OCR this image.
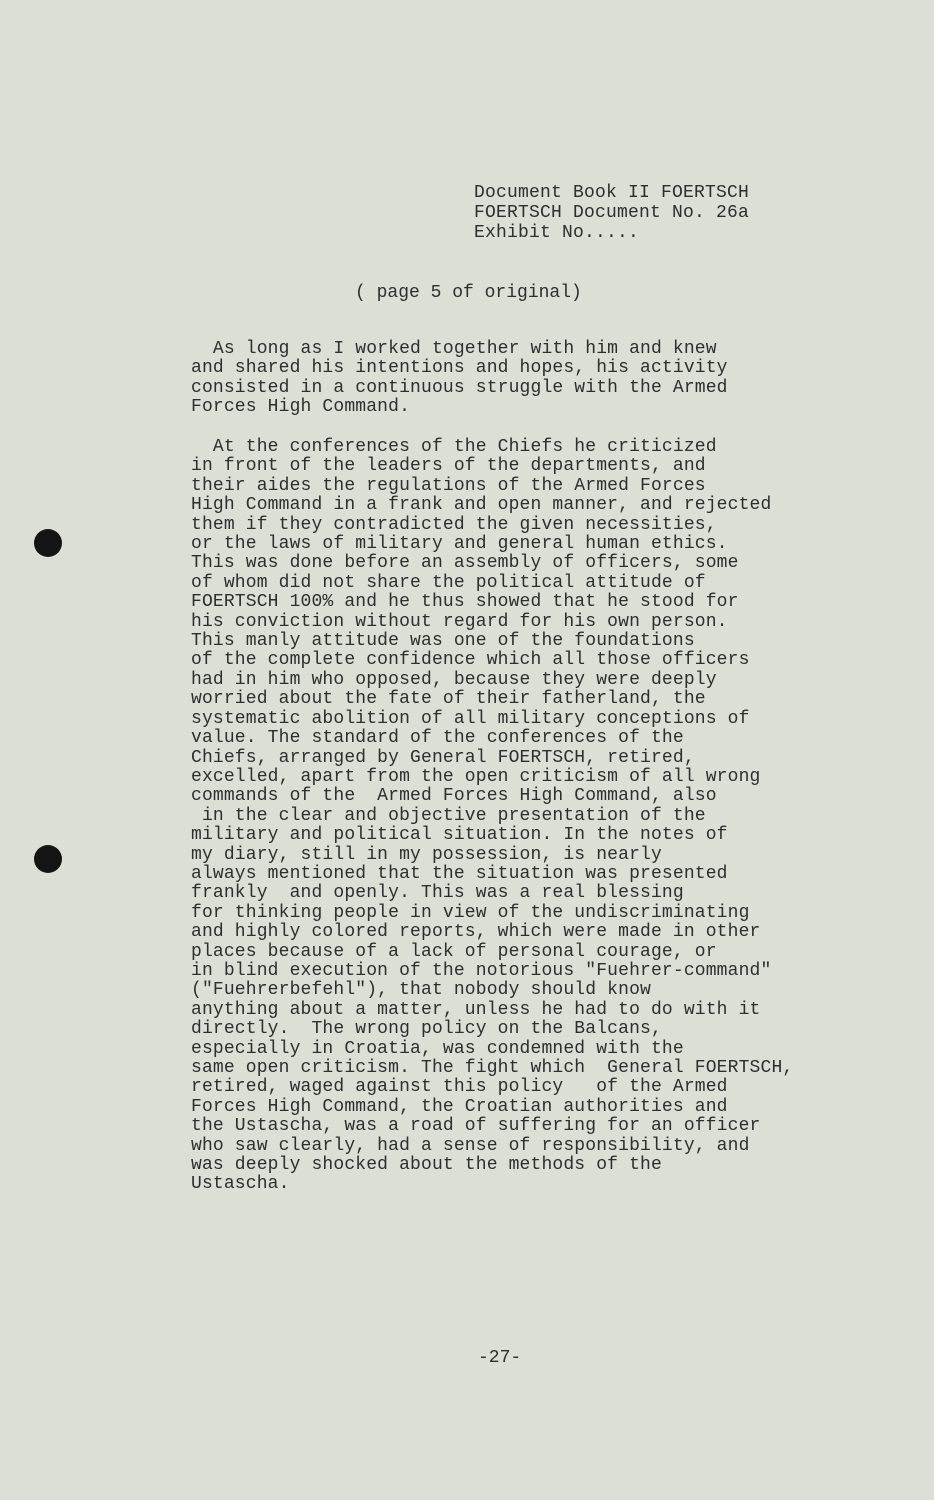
Document Book II FOERTSCH
FOERTSCH Document No. 26a
Exhibit No.....
( page 5 of original)
As long as I worked together with him and knew
and shared his intentions and hopes, his activity
consisted in a continuous struggle with the Armed
Forces High Command.
At the conferences of the Chiefs he criticized
in front of the leaders of the departments, and
their aides the regulations of the Armed Forces
High Command in a frank and open manner, and rejected
them if they contradicted the given necessities,
or the laws of military and general human ethics.
This was done before an assembly of officers, some
of whom did not share the political attitude of
FOERTSCH 100% and he thus showed that he stood for
his conviction without regard for his own person.
This manly attitude was one of the foundations
of the complete confidence which all those officers
had in him who opposed, because they were deeply
worried about the fate of their fatherland, the
systematic abolition of all military conceptions of
value. The standard of the conferences of the
Chiefs, arranged by General FOERTSCH, retired,
excelled, apart from the open criticism of all wrong
commands of the  Armed Forces High Command, also
in the clear and objective presentation of the
military and political situation. In the notes of
my diary, still in my possession, is nearly
always mentioned that the situation was presented
frankly  and openly. This was a real blessing
for thinking people in view of the undiscriminating
and highly colored reports, which were made in other
places because of a lack of personal courage, or
in blind execution of the notorious "Fuehrer-command"
("Fuehrerbefehl"), that nobody should know
anything about a matter, unless he had to do with it
directly.  The wrong policy on the Balcans,
especially in Croatia, was condemned with the
same open criticism. The fight which  General FOERTSCH,
retired, waged against this policy   of the Armed
Forces High Command, the Croatian authorities and
the Ustascha, was a road of suffering for an officer
who saw clearly, had a sense of responsibility, and
was deeply shocked about the methods of the
Ustascha.
-27-
